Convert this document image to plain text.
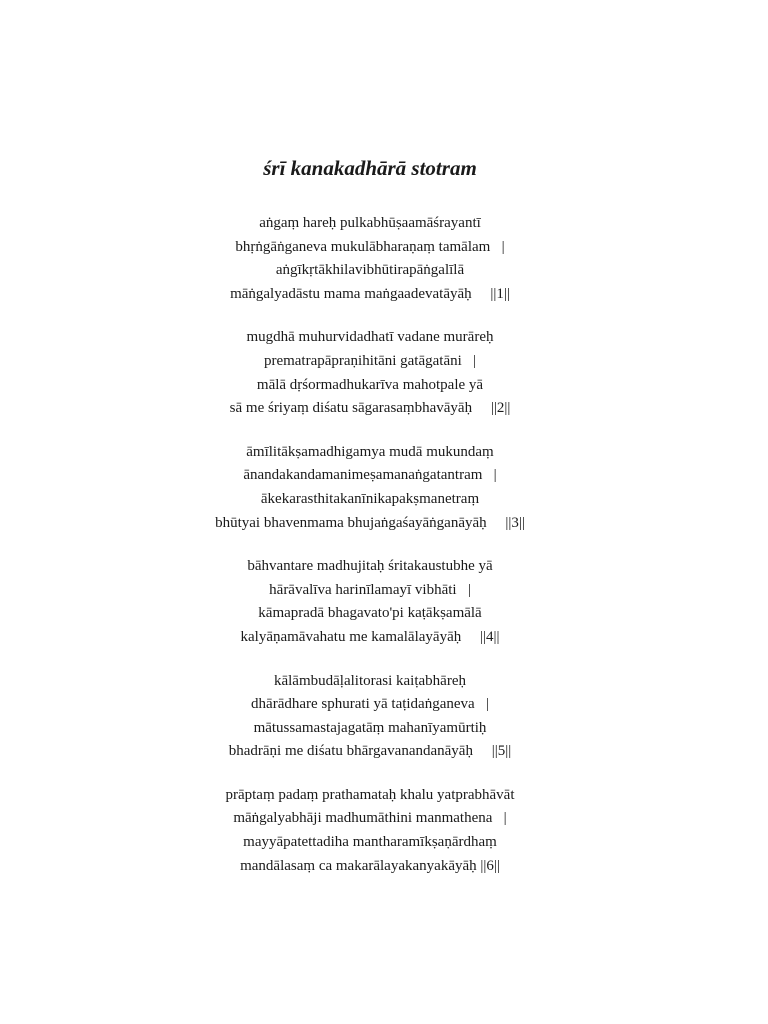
śrī kanakadhārā stotram
aṅgaṃ hareḥ pulkabhūṣaamāśrayantī
bhṛṅgāṅganeva mukulābharaṇaṃ tamālam   |
aṅgīkṛtākhilavibhūtirapāṅgalīlā
māṅgalyadāstu mama maṅgaadevatāyāḥ     ||1||
mugdhā muhurvidadhatī vadane murāreḥ
prematrapāpraṇihitāni gatāgatāni   |
mālā dṛśormadhukarīva mahotpale yā
sā me śriyaṃ diśatu sāgarasaṃbhavāyāḥ     ||2||
āmīlitākṣamadhigamya mudā mukundaṃ
ānandakandamanimeṣamanaṅgatantram   |
ākekarasthitakanīnikapakṣmanetraṃ
bhūtyai bhavenmama bhujaṅgaśayāṅganāyāḥ     ||3||
bāhvantare madhujitaḥ śritakaustubhe yā
hārāvalīva harinīlamayī vibhāti   |
kāmapradā bhagavato'pi kaṭākṣamālā
kalyāṇamāvahatu me kamalālayāyāḥ     ||4||
kālāmbudāḷalitorasi kaiṭabhāreḥ
dhārādhare sphurati yā taṭidaṅganeva   |
mātussamastajagatāṃ mahanīyamūrtiḥ
bhadrāṇi me diśatu bhārgavanandanāyāḥ     ||5||
prāptaṃ padaṃ prathamataḥ khalu yatprabhāvāt
māṅgalyabhāji madhumāthini manmathena   |
mayyāpatettadiha mantharamīkṣaṇārdhaṃ
mandālasaṃ ca makarālayakanyakāyāḥ ||6||
